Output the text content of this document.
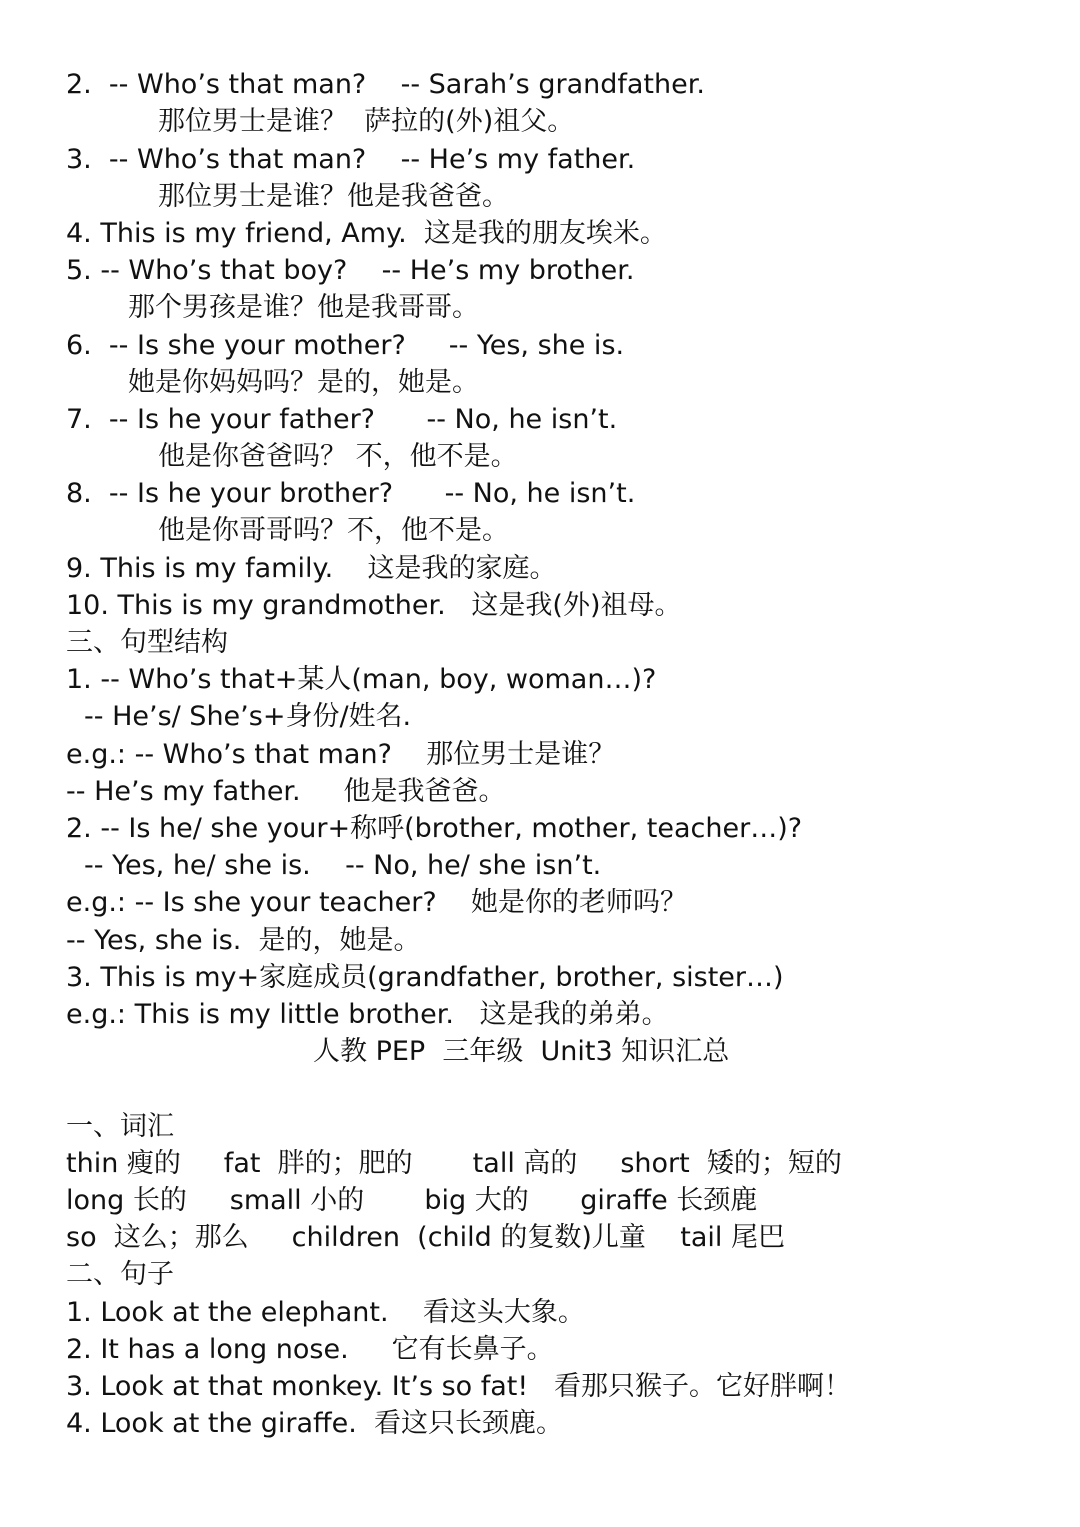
2.  -- Who’s that man?    -- Sarah’s grandfather.
那位男士是谁？  萨拉的(外)祖父。
3.  -- Who’s that man?    -- He’s my father.
那位男士是谁？他是我爸爸。
4. This is my friend, Amy.  这是我的朋友埃米。
5. -- Who’s that boy?    -- He’s my brother.
那个男孩是谁？他是我哥哥。
6.  -- Is she your mother?     -- Yes, she is.
她是你妈妈吗？是的，她是。
7.  -- Is he your father?      -- No, he isn’t.
他是你爸爸吗？ 不，他不是。
8.  -- Is he your brother?      -- No, he isn’t.
他是你哥哥吗？不，他不是。
9. This is my family.    这是我的家庭。
10. This is my grandmother.   这是我(外)祖母。
三、句型结构
1. -- Who’s that+某人(man, boy, woman…)?
-- He’s/ She’s+身份/姓名.
e.g.: -- Who’s that man?    那位男士是谁？
-- He’s my father.     他是我爸爸。
2. -- Is he/ she your+称呼(brother, mother, teacher…)?
-- Yes, he/ she is.    -- No, he/ she isn’t.
e.g.: -- Is she your teacher?    她是你的老师吗？
-- Yes, she is.  是的，她是。
3. This is my+家庭成员(grandfather, brother, sister…)
e.g.: This is my little brother.   这是我的弟弟。
人教 PEP  三年级  Unit3 知识汇总
一、词汇
thin 瘦的     fat  胖的；肥的       tall 高的     short  矮的；短的
long 长的     small 小的       big 大的      giraffe 长颈鹿
so  这么；那么     children  (child 的复数)儿童    tail 尾巴
二、句子
1. Look at the elephant.    看这头大象。
2. It has a long nose.     它有长鼻子。
3. Look at that monkey. It’s so fat!   看那只猴子。它好胖啊！
4. Look at the giraffe.  看这只长颈鹿。
